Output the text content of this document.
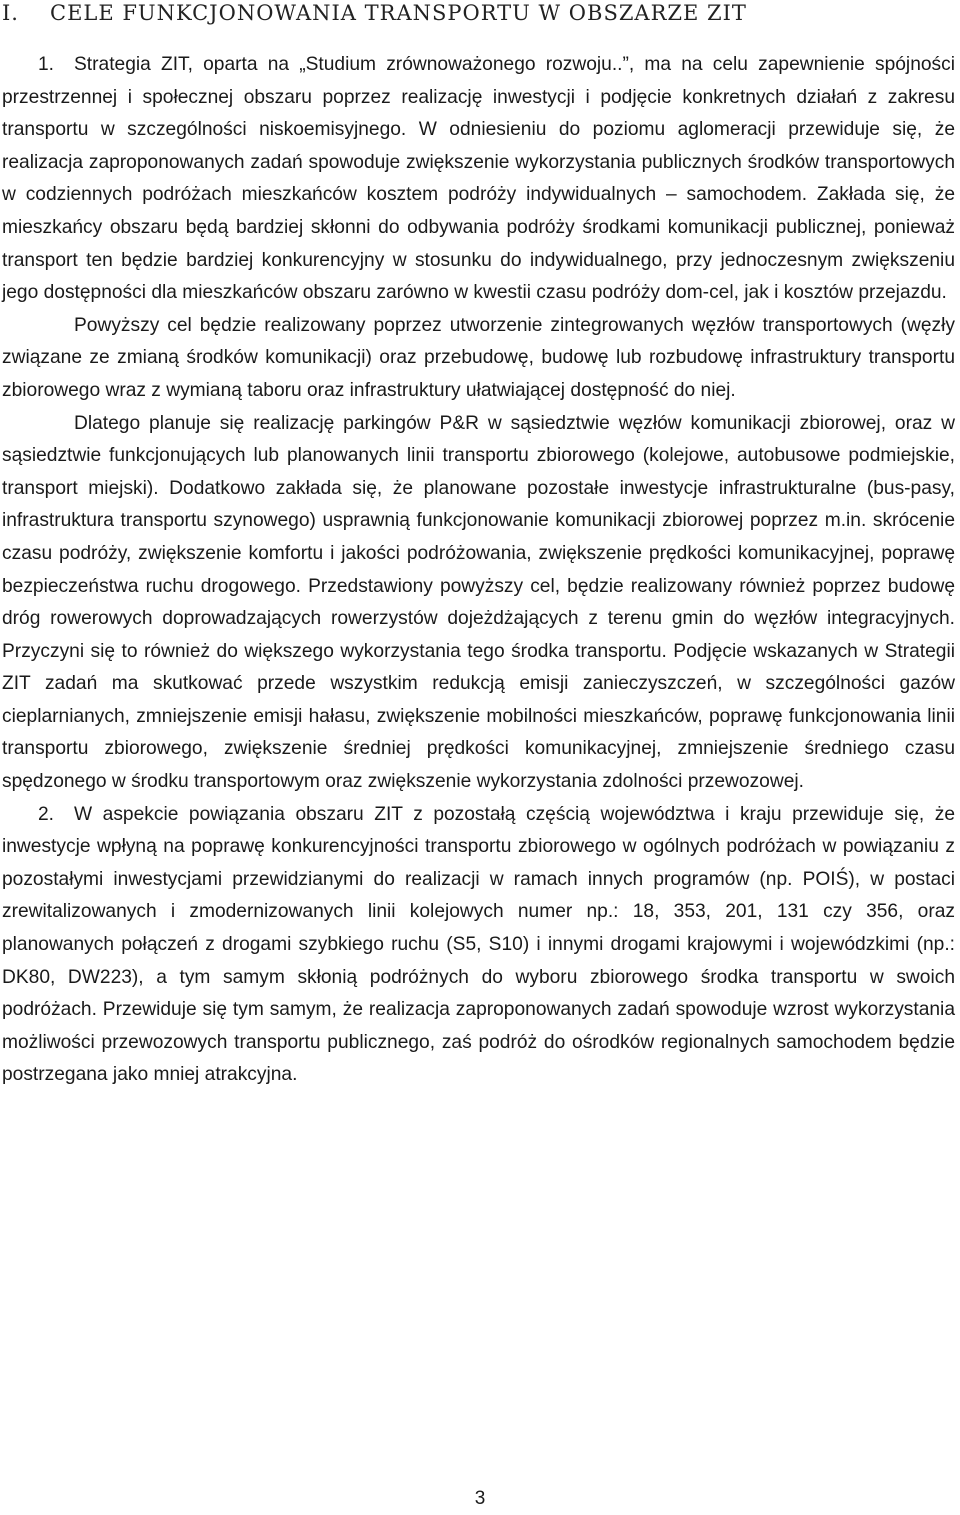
I. CELE FUNKCJONOWANIA TRANSPORTU W OBSZARZE ZIT

1. Strategia ZIT, oparta na „Studium zrównoważonego rozwoju..”, ma na celu zapewnienie spójności przestrzennej i społecznej obszaru poprzez realizację inwestycji i podjęcie konkretnych działań z zakresu transportu w szczególności niskoemisyjnego. W odniesieniu do poziomu aglomeracji przewiduje się, że realizacja zaproponowanych zadań spowoduje zwiększenie wykorzystania publicznych środków transportowych w codziennych podróżach mieszkańców kosztem podróży indywidualnych – samochodem. Zakłada się, że mieszkańcy obszaru będą bardziej skłonni do odbywania podróży środkami komunikacji publicznej, ponieważ transport ten będzie bardziej konkurencyjny w stosunku do indywidualnego, przy jednoczesnym zwiększeniu jego dostępności dla mieszkańców obszaru zarówno w kwestii czasu podróży dom-cel, jak i kosztów przejazdu.

Powyższy cel będzie realizowany poprzez utworzenie zintegrowanych węzłów transportowych (węzły związane ze zmianą środków komunikacji) oraz przebudowę, budowę lub rozbudowę infrastruktury transportu zbiorowego wraz z wymianą taboru oraz infrastruktury ułatwiającej dostępność do niej.

Dlatego planuje się realizację parkingów P&R w sąsiedztwie węzłów komunikacji zbiorowej, oraz w sąsiedztwie funkcjonujących lub planowanych linii transportu zbiorowego (kolejowe, autobusowe podmiejskie, transport miejski). Dodatkowo zakłada się, że planowane pozostałe inwestycje infrastrukturalne (bus-pasy, infrastruktura transportu szynowego) usprawnią funkcjonowanie komunikacji zbiorowej poprzez m.in. skrócenie czasu podróży, zwiększenie komfortu i jakości podróżowania, zwiększenie prędkości komunikacyjnej, poprawę bezpieczeństwa ruchu drogowego. Przedstawiony powyższy cel, będzie realizowany również poprzez budowę dróg rowerowych doprowadzających rowerzystów dojeżdżających z terenu gmin do węzłów integracyjnych. Przyczyni się to również do większego wykorzystania tego środka transportu. Podjęcie wskazanych w Strategii ZIT zadań ma skutkować przede wszystkim redukcją emisji zanieczyszczeń, w szczególności gazów cieplarnianych, zmniejszenie emisji hałasu, zwiększenie mobilności mieszkańców, poprawę funkcjonowania linii transportu zbiorowego, zwiększenie średniej prędkości komunikacyjnej, zmniejszenie średniego czasu spędzonego w środku transportowym oraz zwiększenie wykorzystania zdolności przewozowej.

2. W aspekcie powiązania obszaru ZIT z pozostałą częścią województwa i kraju przewiduje się, że inwestycje wpłyną na poprawę konkurencyjności transportu zbiorowego w ogólnych podróżach w powiązaniu z pozostałymi inwestycjami przewidzianymi do realizacji w ramach innych programów (np. POIŚ), w postaci zrewitalizowanych i zmodernizowanych linii kolejowych numer np.: 18, 353, 201, 131 czy 356, oraz planowanych połączeń z drogami szybkiego ruchu (S5, S10) i innymi drogami krajowymi i wojewódzkimi (np.: DK80, DW223), a tym samym skłonią podróżnych do wyboru zbiorowego środka transportu w swoich podróżach. Przewiduje się tym samym, że realizacja zaproponowanych zadań spowoduje wzrost wykorzystania możliwości przewozowych transportu publicznego, zaś podróż do ośrodków regionalnych samochodem będzie postrzegana jako mniej atrakcyjna.

3
